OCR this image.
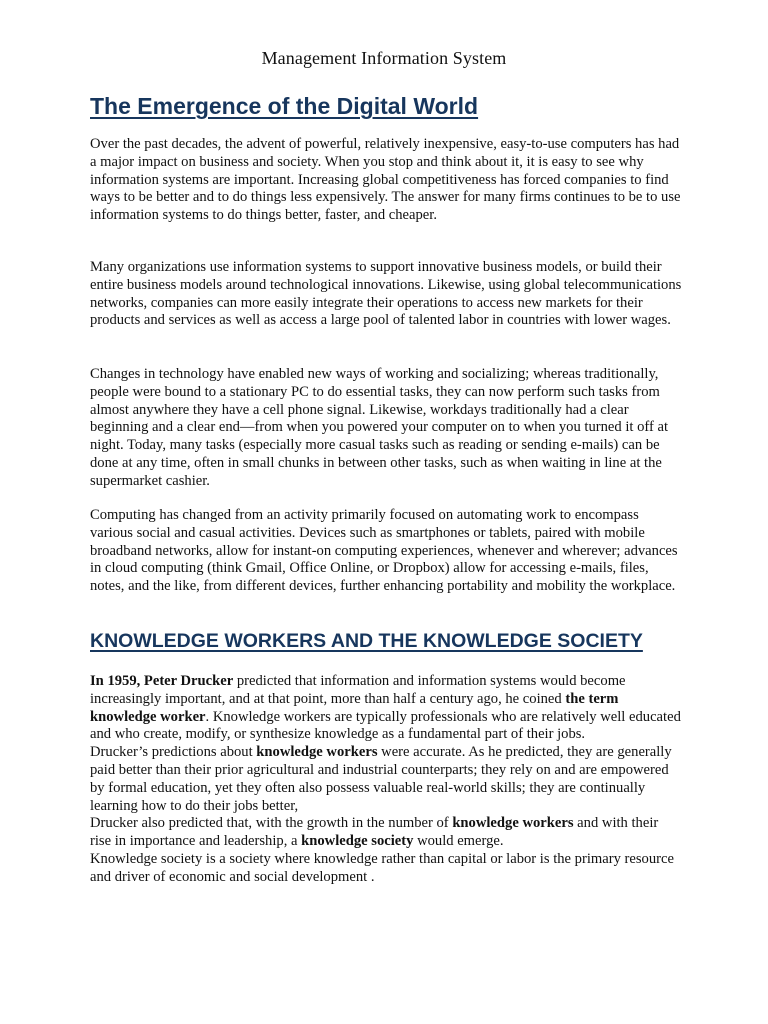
Management Information System
The Emergence of the Digital World

Over the past decades, the advent of powerful, relatively inexpensive, easy-to-use computers has had a major impact on business and society. When you stop and think about it, it is easy to see why information systems are important. Increasing global competitiveness has forced companies to find ways to be better and to do things less expensively. The answer for many firms continues to be to use information systems to do things better, faster, and cheaper.

Many organizations use information systems to support innovative business models, or build their entire business models around technological innovations. Likewise, using global telecommunications networks, companies can more easily integrate their operations to access new markets for their products and services as well as access a large pool of talented labor in countries with lower wages.

Changes in technology have enabled new ways of working and socializing; whereas traditionally, people were bound to a stationary PC to do essential tasks, they can now perform such tasks from almost anywhere they have a cell phone signal. Likewise, workdays traditionally had a clear beginning and a clear end—from when you powered your computer on to when you turned it off at night. Today, many tasks (especially more casual tasks such as reading or sending e-mails) can be done at any time, often in small chunks in between other tasks, such as when waiting in line at the supermarket cashier.

Computing has changed from an activity primarily focused on automating work to encompass various social and casual activities. Devices such as smartphones or tablets, paired with mobile broadband networks, allow for instant-on computing experiences, whenever and wherever; advances in cloud computing (think Gmail, Office Online, or Dropbox) allow for accessing e-mails, files, notes, and the like, from different devices, further enhancing portability and mobility the workplace.

KNOWLEDGE WORKERS AND THE KNOWLEDGE SOCIETY
In 1959, Peter Drucker predicted that information and information systems would become increasingly important, and at that point, more than half a century ago, he coined the term knowledge worker. Knowledge workers are typically professionals who are relatively well educated and who create, modify, or synthesize knowledge as a fundamental part of their jobs.
Drucker’s predictions about knowledge workers were accurate. As he predicted, they are generally paid better than their prior agricultural and industrial counterparts; they rely on and are empowered by formal education, yet they often also possess valuable real-world skills; they are continually learning how to do their jobs better,
Drucker also predicted that, with the growth in the number of knowledge workers and with their rise in importance and leadership, a knowledge society would emerge.
Knowledge society is a society where knowledge rather than capital or labor is the primary resource and driver of economic and social development .
